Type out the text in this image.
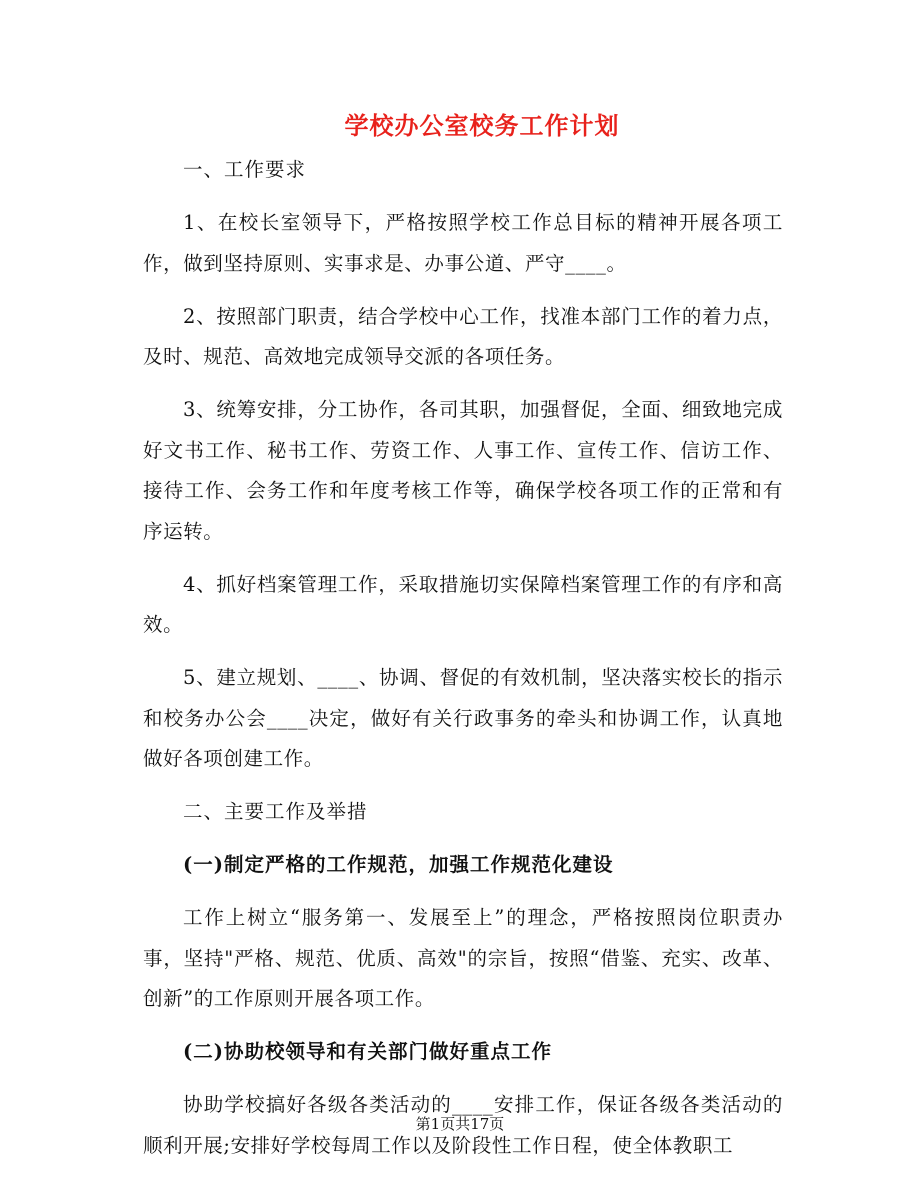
学校办公室校务工作计划

一、工作要求

1、在校长室领导下，严格按照学校工作总目标的精神开展各项工作，做到坚持原则、实事求是、办事公道、严守____。

2、按照部门职责，结合学校中心工作，找准本部门工作的着力点，及时、规范、高效地完成领导交派的各项任务。

3、统筹安排，分工协作，各司其职，加强督促，全面、细致地完成好文书工作、秘书工作、劳资工作、人事工作、宣传工作、信访工作、接待工作、会务工作和年度考核工作等，确保学校各项工作的正常和有序运转。

4、抓好档案管理工作，采取措施切实保障档案管理工作的有序和高效。

5、建立规划、____、协调、督促的有效机制，坚决落实校长的指示和校务办公会____决定，做好有关行政事务的牵头和协调工作，认真地做好各项创建工作。

二、主要工作及举措

(一)制定严格的工作规范，加强工作规范化建设

工作上树立“服务第一、发展至上”的理念，严格按照岗位职责办事，坚持"严格、规范、优质、高效"的宗旨，按照“借鉴、充实、改革、创新”的工作原则开展各项工作。

(二)协助校领导和有关部门做好重点工作

协助学校搞好各级各类活动的____安排工作，保证各级各类活动的顺利开展;安排好学校每周工作以及阶段性工作日程，使全体教职工

第1页共17页
